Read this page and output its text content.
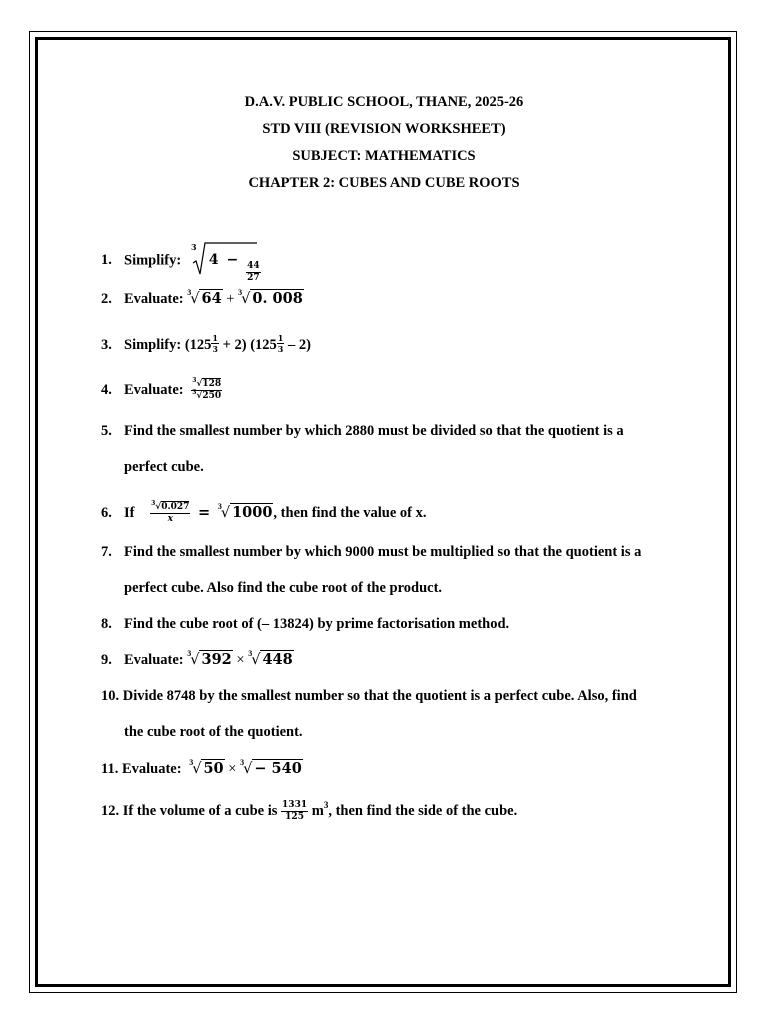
D.A.V. PUBLIC SCHOOL, THANE, 2025-26
STD VIII (REVISION WORKSHEET)
SUBJECT: MATHEMATICS
CHAPTER 2: CUBES AND CUBE ROOTS
1. Simplify:
3
4 −
$\frac{44}{27}$
2. Evaluate: $^3$√ 64 + $^3$√ 0. 008
3. Simplify: $(125 \frac{1}{3} + 2)$ $(125 \frac{1}{3} - 2)$
4. Evaluate: $\frac{^3√128}{^3√250}$
5. Find the smallest number by which 2880 must be divided so that the quotient is a
perfect cube.
6. If	$\frac{^3√0.027}{x} = ^3√$ 1000, then find the value of x.
7. Find the smallest number by which 9000 must be multiplied so that the quotient is a
perfect cube. Also find the cube root of the product.
8. Find the cube root of (– 13824) by prime factorisation method.
9. Evaluate: $^3$√ 392 × $^3$√ 448
10. Divide 8748 by the smallest number so that the quotient is a perfect cube. Also, find
the cube root of the quotient.
11. Evaluate: $^3$√ 50 × $^3$√ − 540
12. If the volume of a cube is $\frac{1331}{125} m^3$, then find the side of the cube.
